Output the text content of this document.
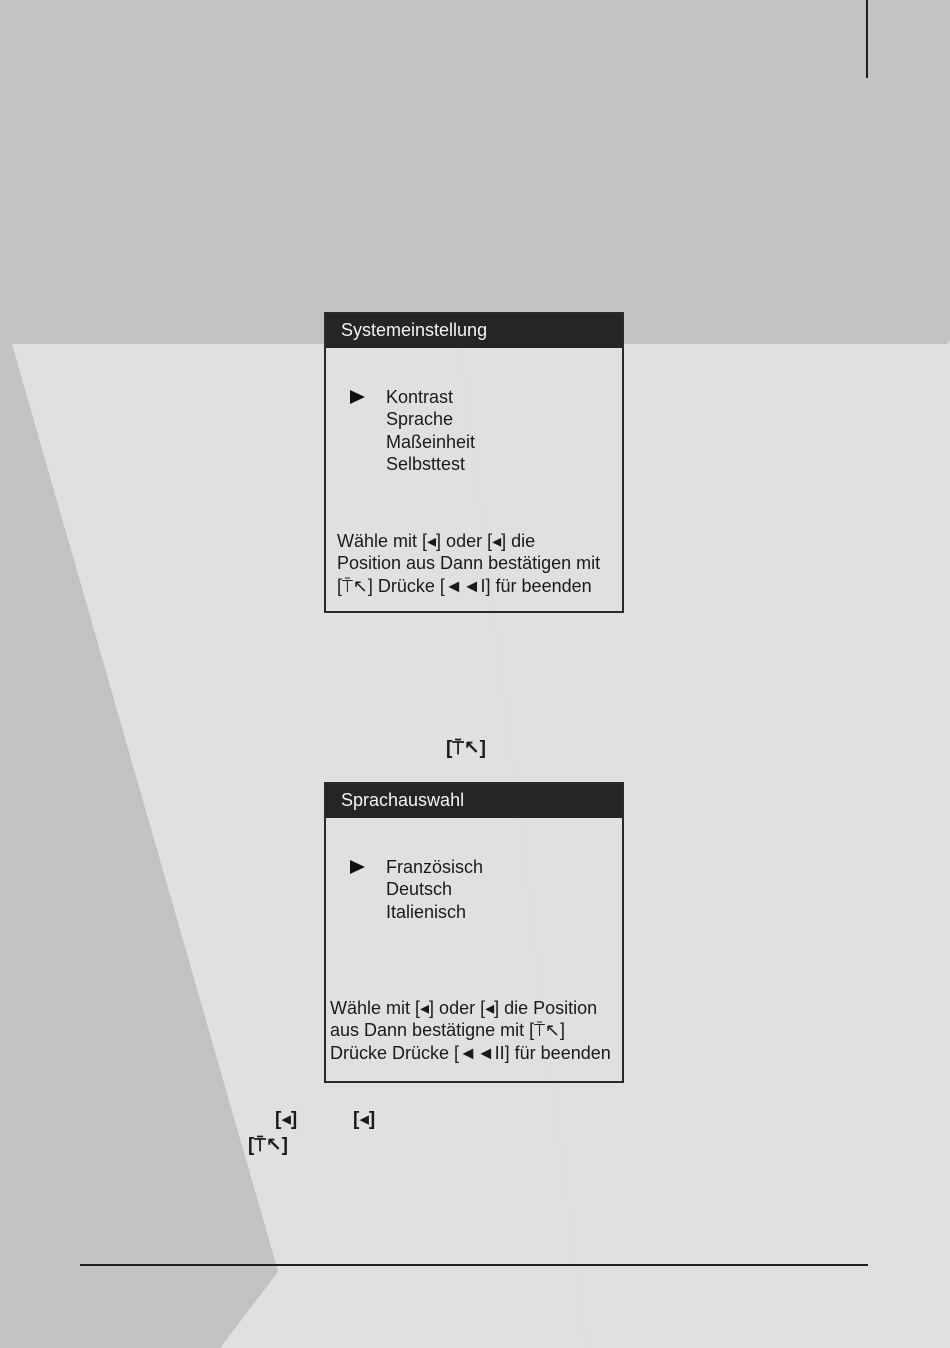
Systemeinstellung
Kontrast
Sprache
Maßeinheit
Selbsttest
Wähle mit [◂] oder [◂] die
Position aus Dann bestätigen mit
[⍑↖] Drücke [◄◄I] für beenden
[⍑↖]
Sprachauswahl
Französisch
Deutsch
Italienisch
Wähle mit [◂] oder [◂] die Position
aus Dann bestätigne mit [⍑↖]
Drücke Drücke [◄◄II] für beenden
[◂]	[◂]
[⍑↖]
